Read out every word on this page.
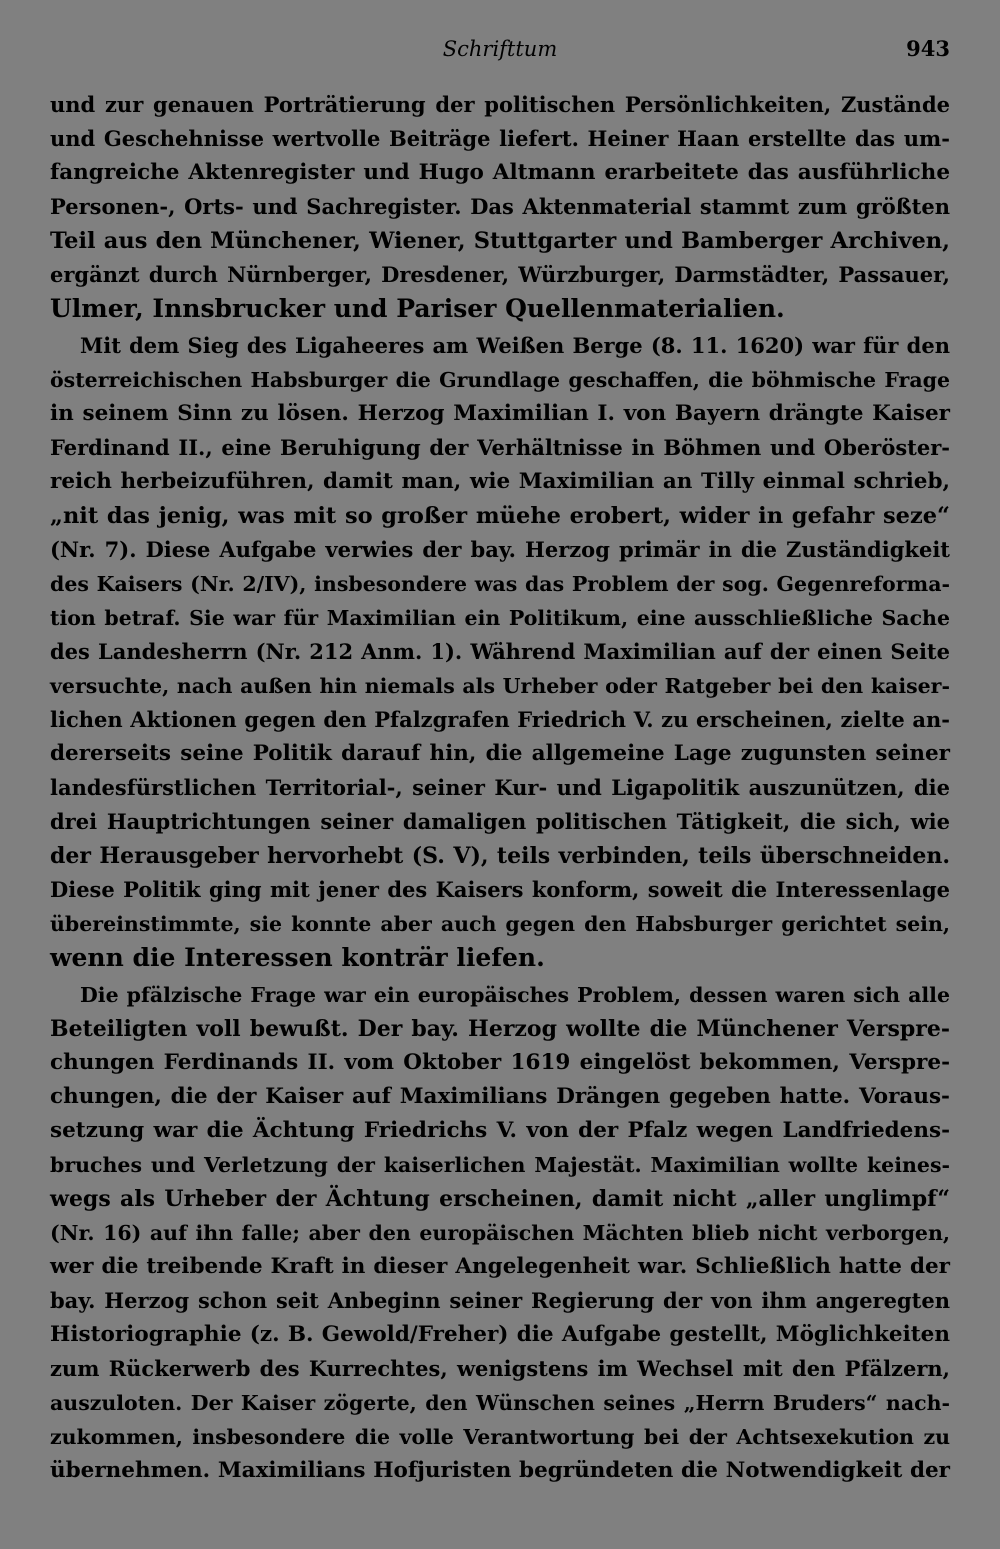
Schrifttum	943
und zur genauen Porträtierung der politischen Persönlichkeiten, Zustände
und Geschehnisse wertvolle Beiträge liefert. Heiner Haan erstellte das um-
fangreiche Aktenregister und Hugo Altmann erarbeitete das ausführliche
Personen-, Orts- und Sachregister. Das Aktenmaterial stammt zum größten
Teil aus den Münchener, Wiener, Stuttgarter und Bamberger Archiven,
ergänzt durch Nürnberger, Dresdener, Würzburger, Darmstädter, Passauer,
Ulmer, Innsbrucker und Pariser Quellenmaterialien.
Mit dem Sieg des Ligaheeres am Weißen Berge (8. 11. 1620) war für den
österreichischen Habsburger die Grundlage geschaffen, die böhmische Frage
in seinem Sinn zu lösen. Herzog Maximilian I. von Bayern drängte Kaiser
Ferdinand II., eine Beruhigung der Verhältnisse in Böhmen und Oberöster-
reich herbeizuführen, damit man, wie Maximilian an Tilly einmal schrieb,
„nit das jenig, was mit so großer müehe erobert, wider in gefahr seze“
(Nr. 7). Diese Aufgabe verwies der bay. Herzog primär in die Zuständigkeit
des Kaisers (Nr. 2/IV), insbesondere was das Problem der sog. Gegenreforma-
tion betraf. Sie war für Maximilian ein Politikum, eine ausschließliche Sache
des Landesherrn (Nr. 212 Anm. 1). Während Maximilian auf der einen Seite
versuchte, nach außen hin niemals als Urheber oder Ratgeber bei den kaiser-
lichen Aktionen gegen den Pfalzgrafen Friedrich V. zu erscheinen, zielte an-
dererseits seine Politik darauf hin, die allgemeine Lage zugunsten seiner
landesfürstlichen Territorial-, seiner Kur- und Ligapolitik auszunützen, die
drei Hauptrichtungen seiner damaligen politischen Tätigkeit, die sich, wie
der Herausgeber hervorhebt (S. V), teils verbinden, teils überschneiden.
Diese Politik ging mit jener des Kaisers konform, soweit die Interessenlage
übereinstimmte, sie konnte aber auch gegen den Habsburger gerichtet sein,
wenn die Interessen konträr liefen.
Die pfälzische Frage war ein europäisches Problem, dessen waren sich alle
Beteiligten voll bewußt. Der bay. Herzog wollte die Münchener Verspre-
chungen Ferdinands II. vom Oktober 1619 eingelöst bekommen, Verspre-
chungen, die der Kaiser auf Maximilians Drängen gegeben hatte. Voraus-
setzung war die Ächtung Friedrichs V. von der Pfalz wegen Landfriedens-
bruches und Verletzung der kaiserlichen Majestät. Maximilian wollte keines-
wegs als Urheber der Ächtung erscheinen, damit nicht „aller unglimpf“
(Nr. 16) auf ihn falle; aber den europäischen Mächten blieb nicht verborgen,
wer die treibende Kraft in dieser Angelegenheit war. Schließlich hatte der
bay. Herzog schon seit Anbeginn seiner Regierung der von ihm angeregten
Historiographie (z. B. Gewold/Freher) die Aufgabe gestellt, Möglichkeiten
zum Rückerwerb des Kurrechtes, wenigstens im Wechsel mit den Pfälzern,
auszuloten. Der Kaiser zögerte, den Wünschen seines „Herrn Bruders“ nach-
zukommen, insbesondere die volle Verantwortung bei der Achtsexekution zu
übernehmen. Maximilians Hofjuristen begründeten die Notwendigkeit der
